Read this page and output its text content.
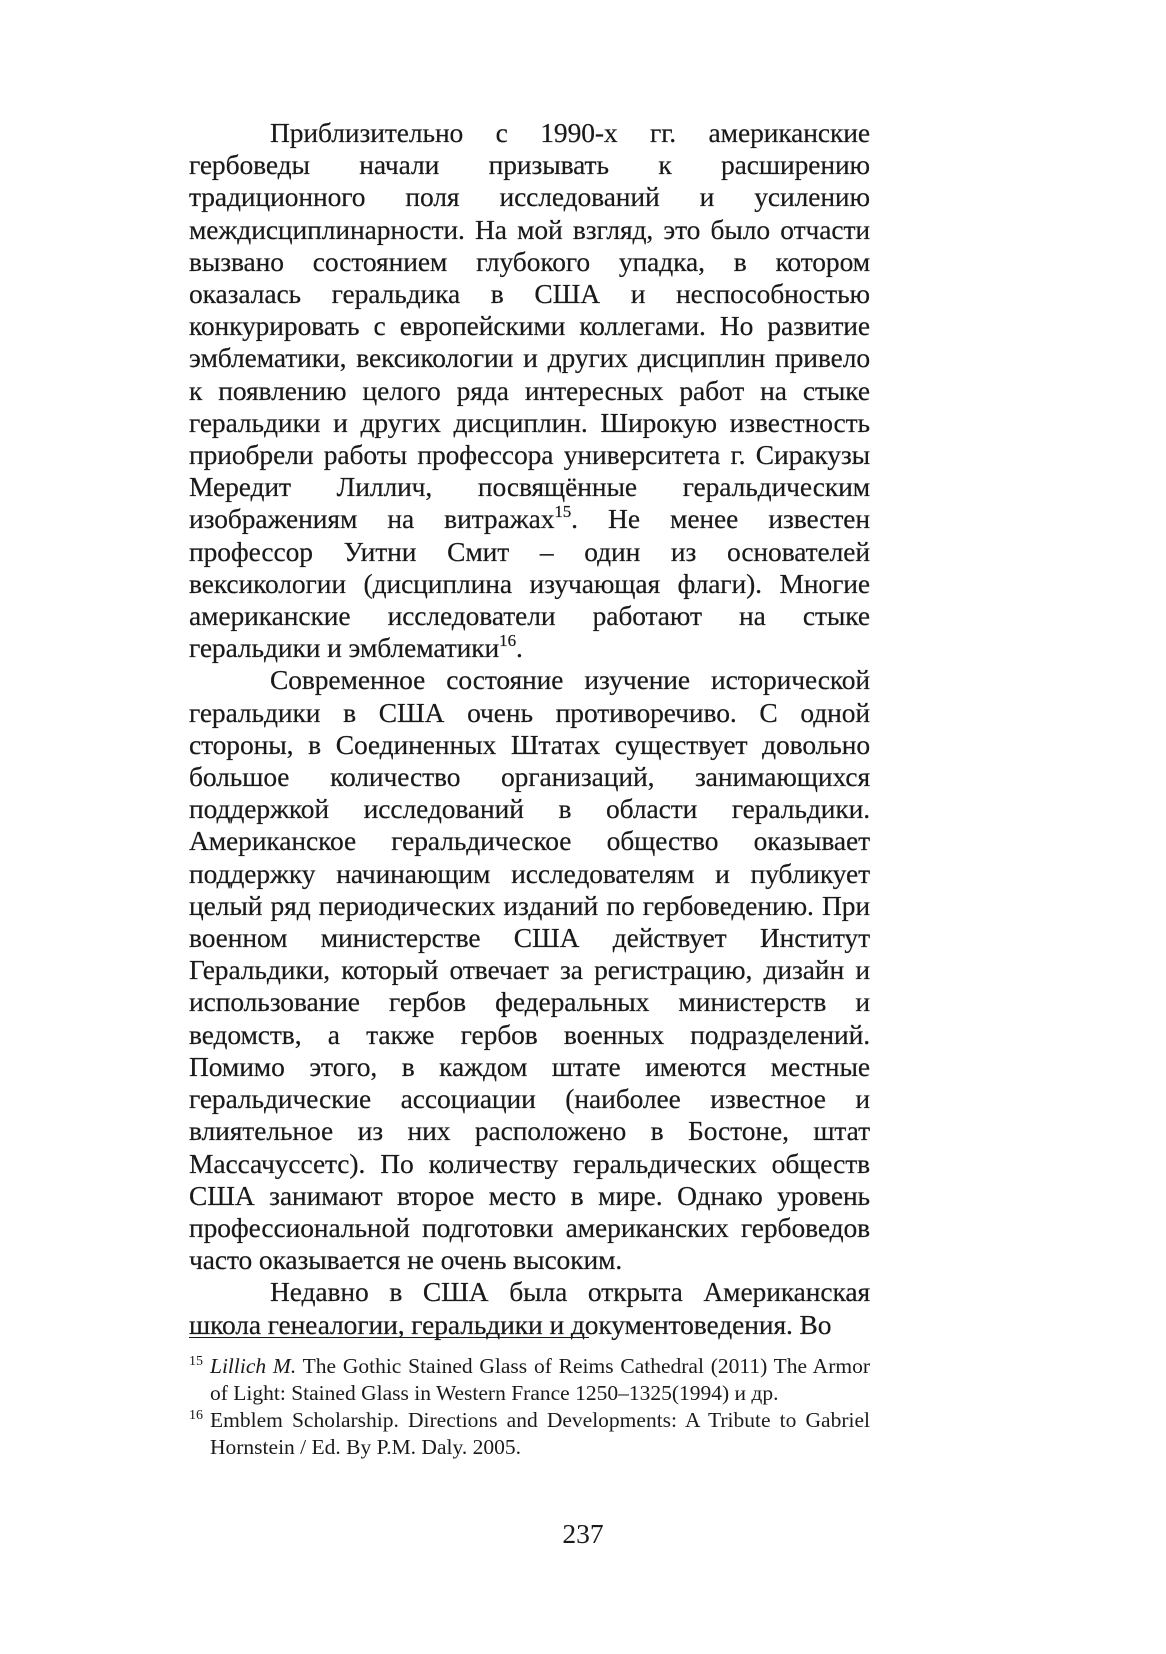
Приблизительно с 1990-х гг. американские гербоведы начали призывать к расширению традиционного поля исследований и усилению междисциплинарности. На мой взгляд, это было отчасти вызвано состоянием глубокого упадка, в котором оказалась геральдика в США и неспособностью конкурировать с европейскими коллегами. Но развитие эмблематики, вексикологии и других дисциплин привело к появлению целого ряда интересных работ на стыке геральдики и других дисциплин. Широкую известность приобрели работы профессора университета г. Сиракузы Мередит Лиллич, посвящённые геральдическим изображениям на витражах$^{15}$. Не менее известен профессор Уитни Смит – один из основателей вексикологии (дисциплина изучающая флаги). Многие американские исследователи работают на стыке геральдики и эмблематики$^{16}$.

Современное состояние изучение исторической геральдики в США очень противоречиво. С одной стороны, в Соединенных Штатах существует довольно большое количество организаций, занимающихся поддержкой исследований в области геральдики. Американское геральдическое общество оказывает поддержку начинающим исследователям и публикует целый ряд периодических изданий по гербоведению. При военном министерстве США действует Институт Геральдики, который отвечает за регистрацию, дизайн и использование гербов федеральных министерств и ведомств, а также гербов военных подразделений. Помимо этого, в каждом штате имеются местные геральдические ассоциации (наиболее известное и влиятельное из них расположено в Бостоне, штат Массачуссетс). По количеству геральдических обществ США занимают второе место в мире. Однако уровень профессиональной подготовки американских гербоведов часто оказывается не очень высоким.

Недавно в США была открыта Американская школа генеалогии, геральдики и документоведения. Во

15 Lillich M. The Gothic Stained Glass of Reims Cathedral (2011) The Armor of Light: Stained Glass in Western France 1250–1325(1994) и др.
16 Emblem Scholarship. Directions and Developments: A Tribute to Gabriel Hornstein / Ed. By P.M. Daly. 2005.
237
